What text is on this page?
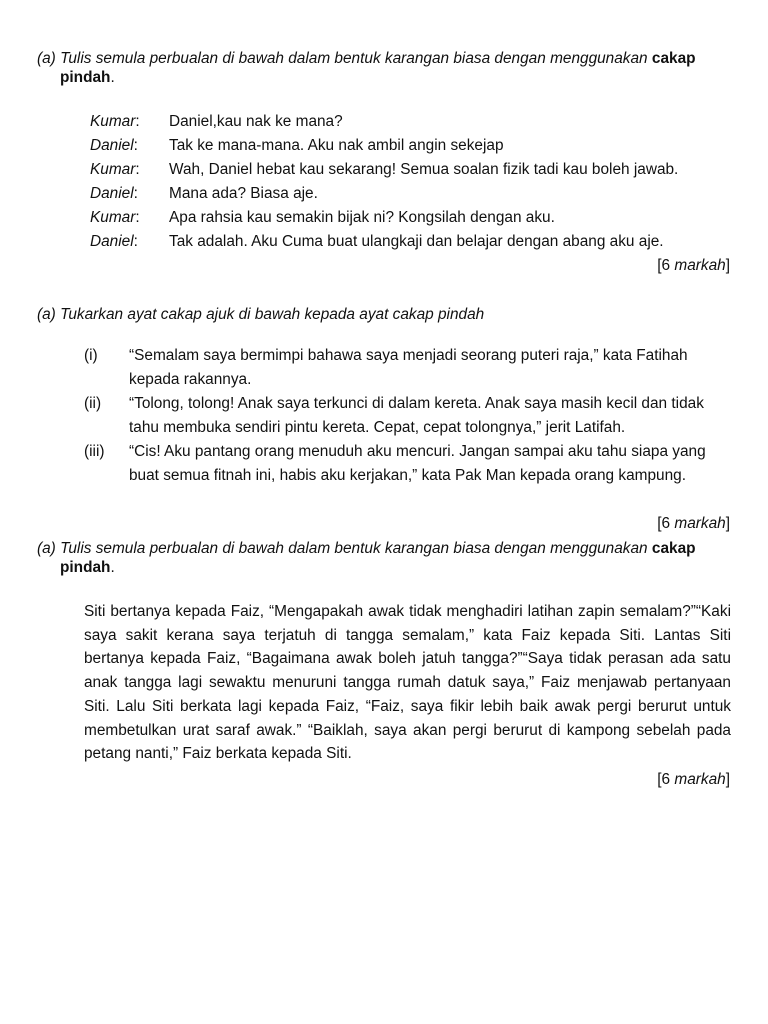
(a) Tulis semula perbualan di bawah dalam bentuk karangan biasa dengan menggunakan cakap
pindah.
Kumar: Daniel,kau nak ke mana?
Daniel: Tak ke mana-mana. Aku nak ambil angin sekejap
Kumar: Wah, Daniel hebat kau sekarang! Semua soalan fizik tadi kau boleh jawab.
Daniel: Mana ada? Biasa aje.
Kumar: Apa rahsia kau semakin bijak ni? Kongsilah dengan aku.
Daniel: Tak adalah. Aku Cuma buat ulangkaji dan belajar dengan abang aku aje.
[6 markah]
(a) Tukarkan ayat cakap ajuk di bawah kepada ayat cakap pindah
(i) “Semalam saya bermimpi bahawa saya menjadi seorang puteri raja,” kata Fatihah kepada rakannya.
(ii) “Tolong, tolong! Anak saya terkunci di dalam kereta. Anak saya masih kecil dan tidak tahu membuka sendiri pintu kereta. Cepat, cepat tolongnya,” jerit Latifah.
(iii) “Cis! Aku pantang orang menuduh aku mencuri. Jangan sampai aku tahu siapa yang buat semua fitnah ini, habis aku kerjakan,” kata Pak Man kepada orang kampung.
[6 markah]
(a) Tulis semula perbualan di bawah dalam bentuk karangan biasa dengan menggunakan cakap
pindah.
Siti bertanya kepada Faiz, “Mengapakah awak tidak menghadiri latihan zapin semalam?”“Kaki saya sakit kerana saya terjatuh di tangga semalam,” kata Faiz kepada Siti. Lantas Siti bertanya kepada Faiz, “Bagaimana awak boleh jatuh tangga?”“Saya tidak perasan ada satu anak tangga lagi sewaktu menuruni tangga rumah datuk saya,” Faiz menjawab pertanyaan Siti. Lalu Siti berkata lagi kepada Faiz, “Faiz, saya fikir lebih baik awak pergi berurut untuk membetulkan urat saraf awak.” “Baiklah, saya akan pergi berurut di kampong sebelah pada petang nanti,” Faiz berkata kepada Siti.
[6 markah]
